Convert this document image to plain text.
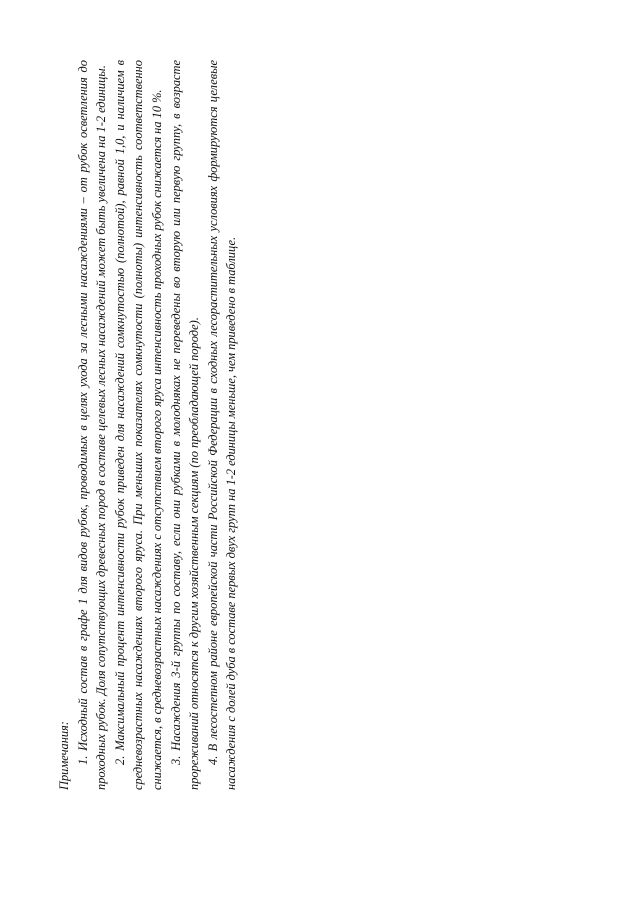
Примечания: 1. Исходный состав в графе 1 для видов рубок, проводимых в целях ухода за лесными насаждениями – от рубок осветления до проходных рубок. Доля сопутствующих древесных пород в составе целевых лесных насаждений может быть увеличена на 1-2 единицы. 2. Максимальный процент интенсивности рубок приведен для насаждений сомкнутостью (полнотой), равной 1,0, и наличием в средневозрастных насаждениях второго яруса. При меньших показателях сомкнутости (полноты) интенсивность соответственно снижается, в средневозрастных насаждениях с отсутствием второго яруса интенсивность проходных рубок снижается на 10 %. 3. Насаждения 3-й группы по составу, если они рубками в молодняках не переведены во вторую или первую группу, в возрасте прореживаний относятся к другим хозяйственным секциям (по преобладающей породе). 4. В лесостепном районе европейской части Российской Федерации в сходных лесорастительных условиях формируются целевые насаждения с долей дуба в составе первых двух групп на 1-2 единицы меньше, чем приведено в таблице.
